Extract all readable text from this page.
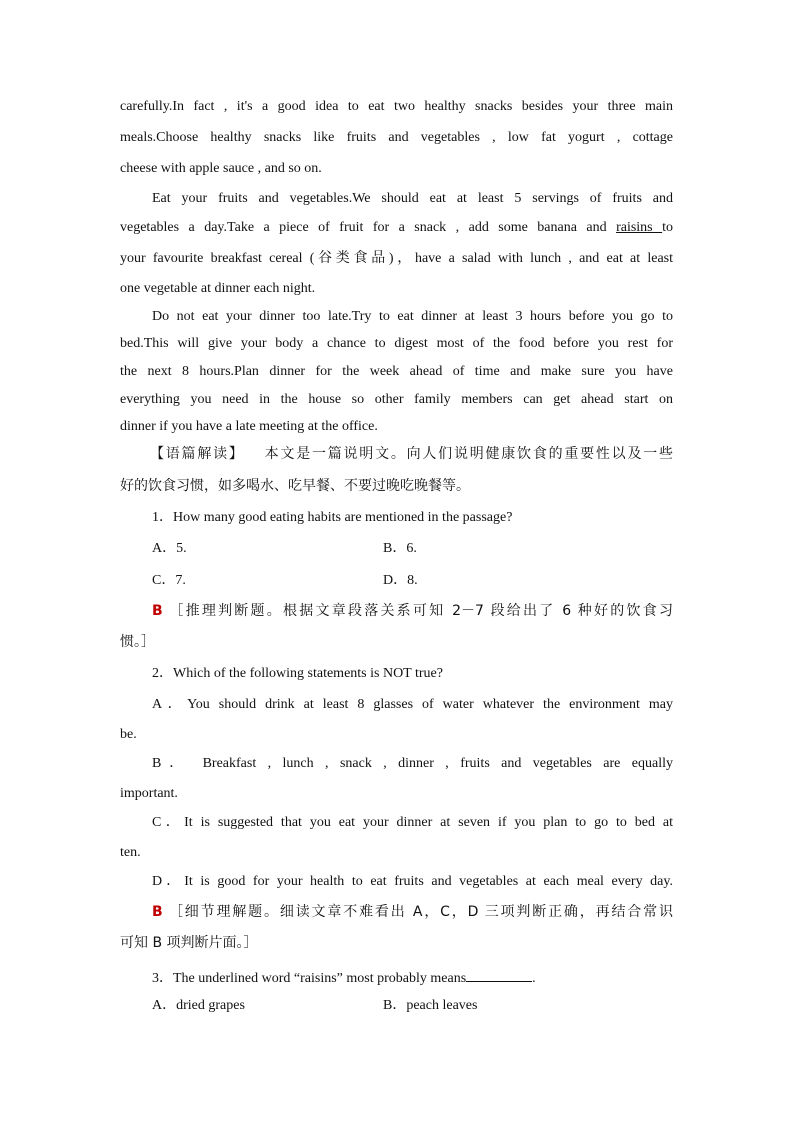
carefully.In fact , it's a good idea to eat two healthy snacks besides your three main
meals.Choose healthy snacks like fruits and vegetables , low fat yogurt , cottage
cheese with apple sauce , and so on.
Eat your fruits and vegetables.We should eat at least 5 servings of fruits and
vegetables a day.Take a piece of fruit for a snack , add some banana and raisins to
your favourite breakfast cereal (谷类食品)，have a salad with lunch , and eat at least
one vegetable at dinner each night.
Do not eat your dinner too late.Try to eat dinner at least 3 hours before you go to
bed.This will give your body a chance to digest most of the food before you rest for
the next 8 hours.Plan dinner for the week ahead of time and make sure you have
everything you need in the house so other family members can get ahead start on
dinner if you have a late meeting at the office.
【语篇解读】 本文是一篇说明文。向人们说明健康饮食的重要性以及一些
好的饮食习惯，如多喝水、吃早餐、不要过晚吃晚餐等。
1．How many good eating habits are mentioned in the passage?
A．5.	B．6.
C．7.	D．8.
B ［推理判断题。根据文章段落关系可知 2－7 段给出了 6 种好的饮食习
惯。］
2．Which of the following statements is NOT true?
A．You should drink at least 8 glasses of water whatever the environment may
be.
B． Breakfast , lunch , snack , dinner , fruits and vegetables are equally
important.
C．It is suggested that you eat your dinner at seven if you plan to go to bed at
ten.
D．It is good for your health to eat fruits and vegetables at each meal every day.
B ［细节理解题。细读文章不难看出 A，C，D 三项判断正确，再结合常识
可知 B 项判断片面。］
3．The underlined word “raisins” most probably means	.
A．dried grapes	B．peach leaves
